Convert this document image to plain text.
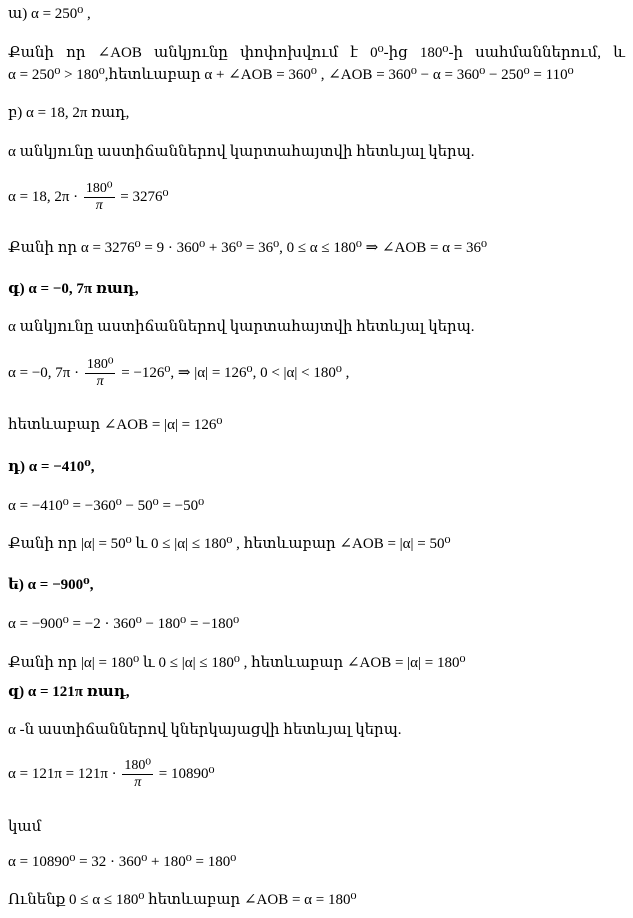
ա) α = 250⁰ ,
Քանի որ ∠AOB անկյունը փոփոխվում է 0⁰-ից 180⁰-ի սահմաններում, և
α = 250⁰ > 180⁰,հետևաբար α + ∠AOB = 360⁰ , ∠AOB = 360⁰ − α = 360⁰ − 250⁰ = 110⁰
բ) α = 18, 2π ռադ,
α անկյունը աստիճաններով կարտահայտվի հետևյալ կերպ.
α = 18, $2\pi \cdot \frac{\text{180⁰}}{\pi} = 3276^0$
Քանի որ α = 3276⁰ = 9 · 360⁰ + 36⁰ = 36⁰, 0 ≤ α ≤ 180⁰ ⇒ ∠AOB = α = 36⁰
գ) α = −0, 7π ռադ,
α անկյունը աստիճաններով կարտահայտվի հետևյալ կերպ.
α = −0, $7\pi \cdot \frac{\text{180⁰}}{\pi} = -126^0$, ⇒ |α| = 126⁰, 0 < |α| < 180⁰ ,
հետևաբար ∠AOB = |α| = 126⁰
դ) α = −410⁰,
α = −410⁰ = −360⁰ − 50⁰ = −50⁰
Քանի որ |α| = 50⁰ և 0 ≤ |α| ≤ 180⁰ , հետևաբար ∠AOB = |α| = 50⁰
ե) α = −900⁰,
α = −900⁰ = −2 · 360⁰ − 180⁰ = −180⁰
Քանի որ |α| = 180⁰ և 0 ≤ |α| ≤ 180⁰ , հետևաբար ∠AOB = |α| = 180⁰
զ) α = 121π ռադ,
α -ն աստիճաններով կներկայացվի հետևյալ կերպ.
$\alpha = 121\pi = 121\pi \cdot \frac{\text{180⁰}}{\pi} = 10890^0$
կամ
α = 10890⁰ = 32 · 360⁰ + 180⁰ = 180⁰
Ունենք 0 ≤ α ≤ 180⁰ հետևաբար ∠AOB = α = 180⁰
